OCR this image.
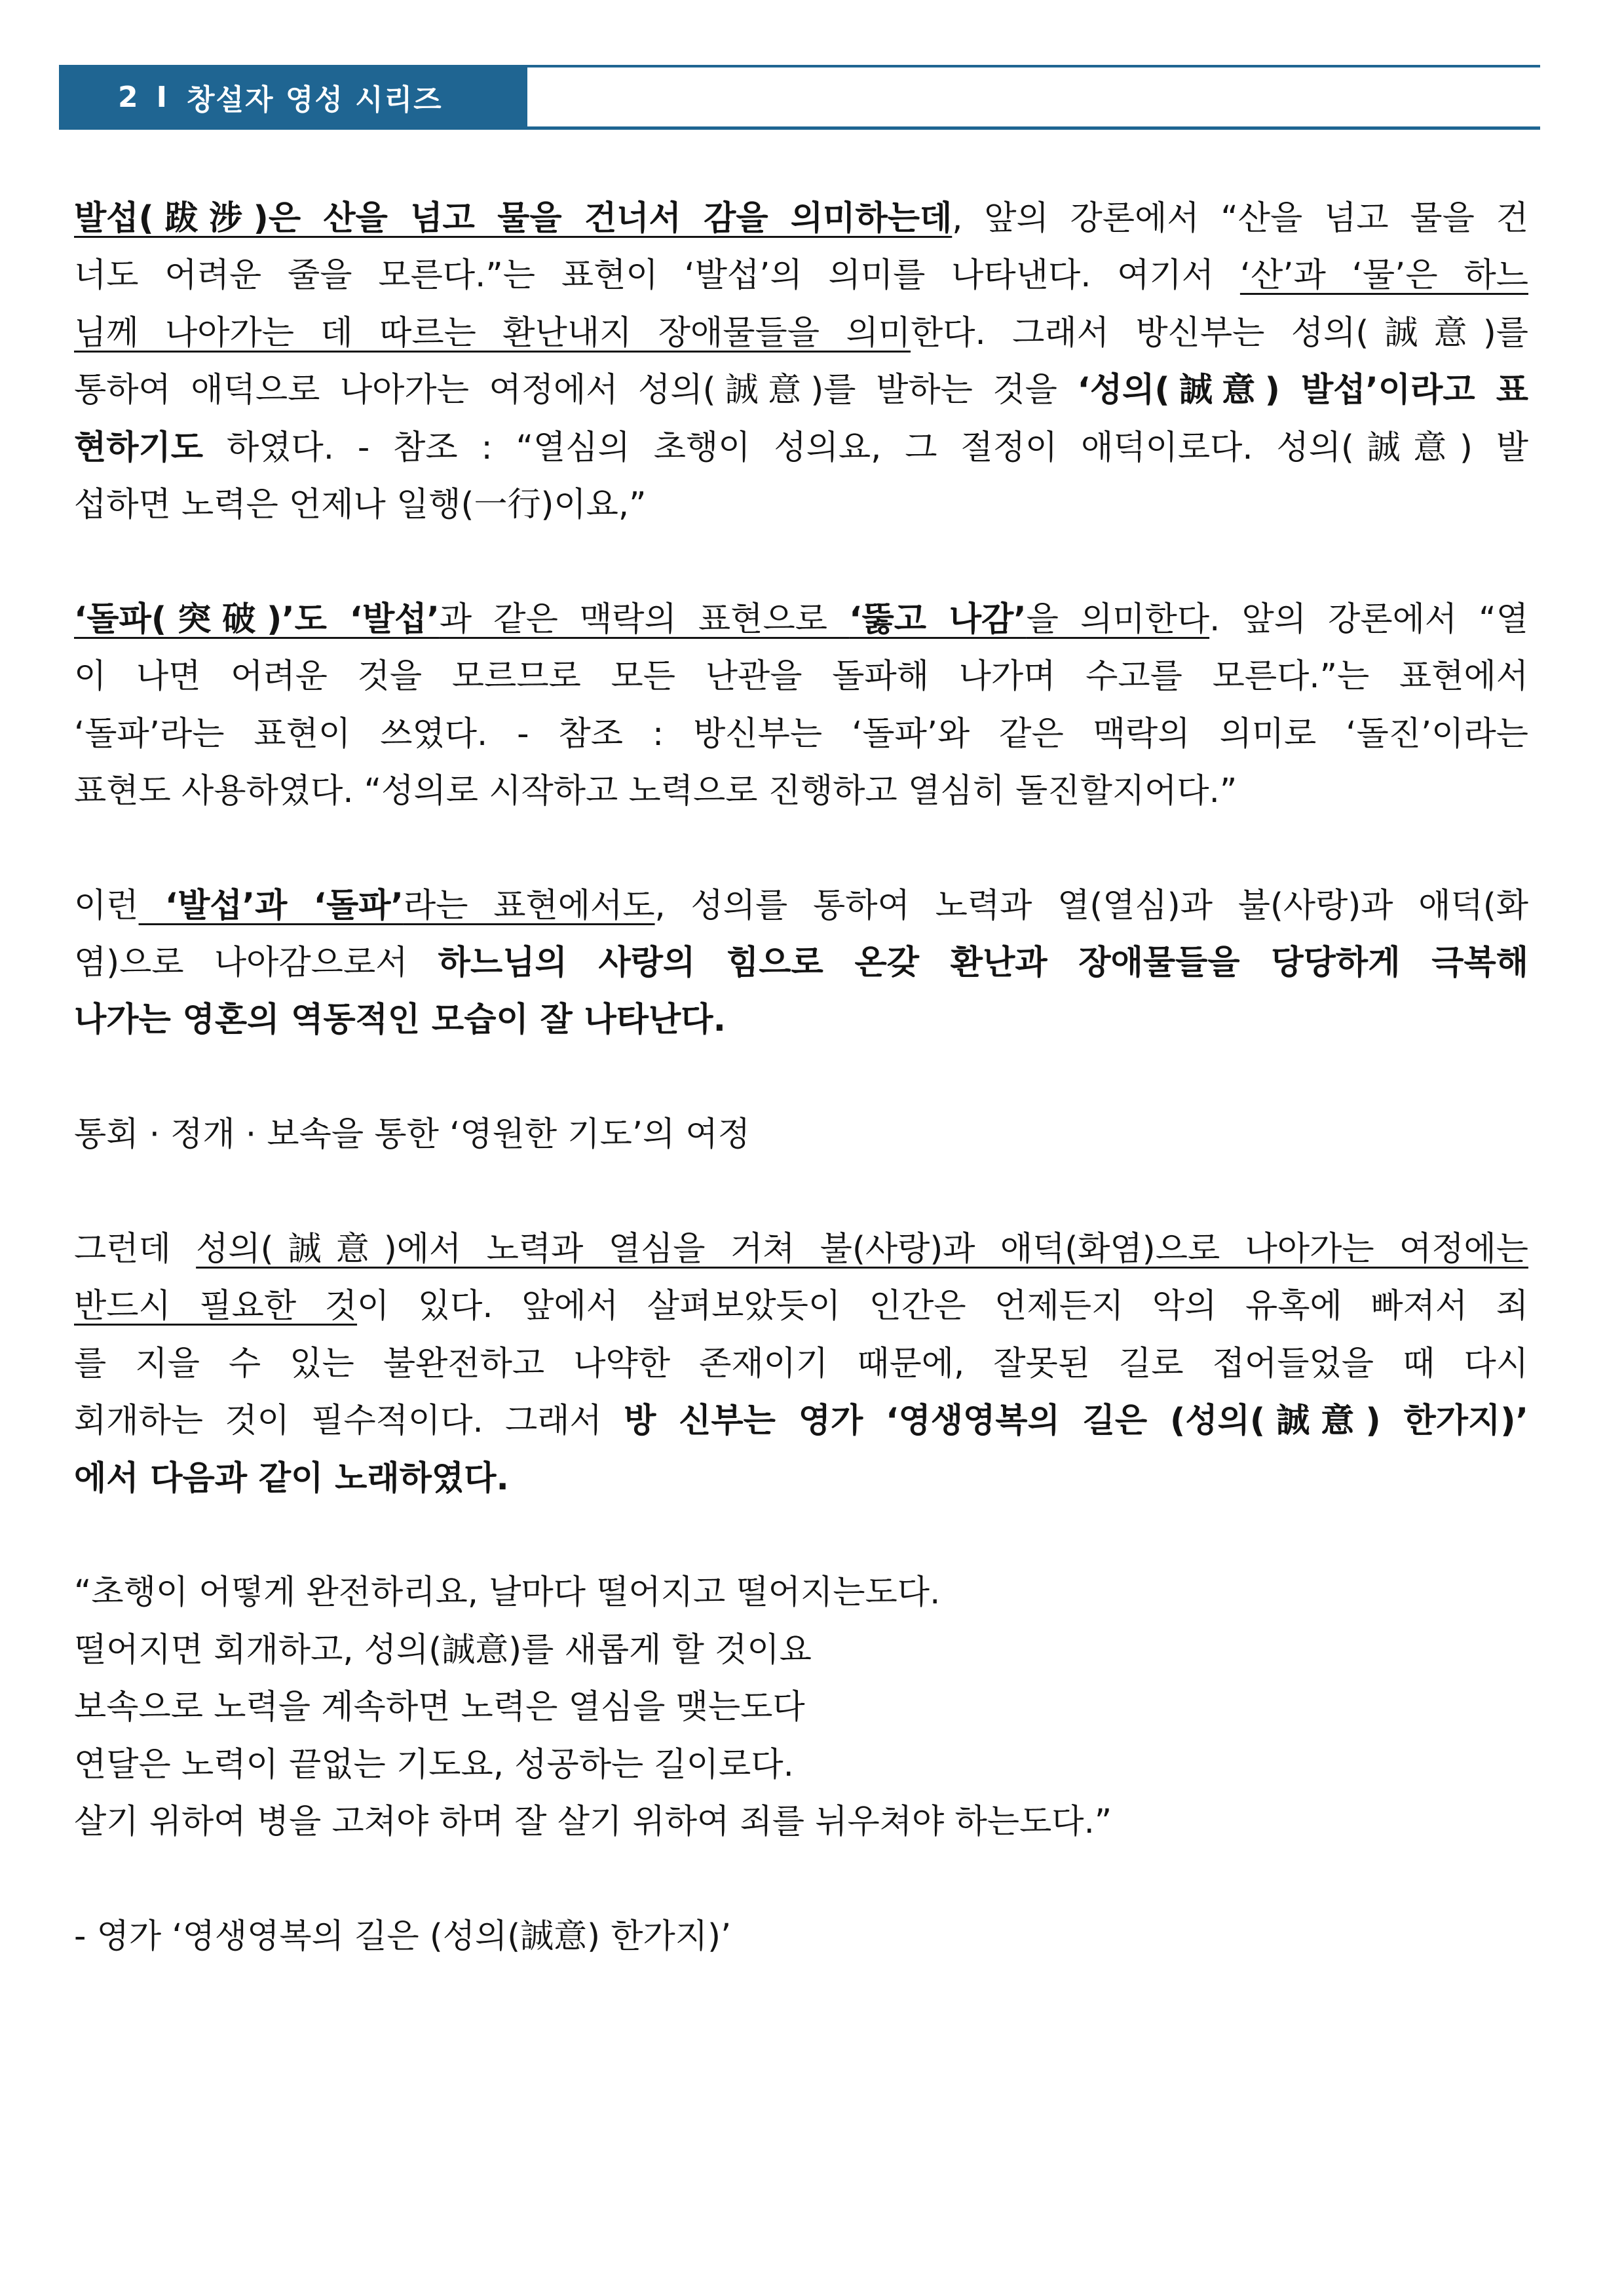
2 I 창설자 영성 시리즈
발섭(跋涉)은 산을 넘고 물을 건너서 감을 의미하는데, 앞의 강론에서 “산을 넘고 물을 건
너도 어려운 줄을 모른다.”는 표현이 ‘발섭’의 의미를 나타낸다. 여기서 ‘산’과 ‘물’은 하느
님께 나아가는 데 따르는 환난내지 장애물들을 의미한다. 그래서 방신부는 성의(誠意)를
통하여 애덕으로 나아가는 여정에서 성의(誠意)를 발하는 것을 ‘성의(誠意) 발섭’이라고 표
현하기도 하였다. - 참조 : “열심의 초행이 성의요, 그 절정이 애덕이로다. 성의(誠意) 발
섭하면 노력은 언제나 일행(一行)이요,”
‘돌파(突破)’도 ‘발섭’과 같은 맥락의 표현으로 ‘뚫고 나감’을 의미한다. 앞의 강론에서 “열
이 나면 어려운 것을 모르므로 모든 난관을 돌파해 나가며 수고를 모른다.”는 표현에서
‘돌파’라는 표현이 쓰였다. - 참조 : 방신부는 ‘돌파’와 같은 맥락의 의미로 ‘돌진’이라는
표현도 사용하였다. “성의로 시작하고 노력으로 진행하고 열심히 돌진할지어다.”
이런 ‘발섭’과 ‘돌파’라는 표현에서도, 성의를 통하여 노력과 열(열심)과 불(사랑)과 애덕(화
염)으로 나아감으로서 하느님의 사랑의 힘으로 온갖 환난과 장애물들을 당당하게 극복해
나가는 영혼의 역동적인 모습이 잘 나타난다.
통회 · 정개 · 보속을 통한 ‘영원한 기도’의 여정
그런데 성의(誠意)에서 노력과 열심을 거쳐 불(사랑)과 애덕(화염)으로 나아가는 여정에는
반드시 필요한 것이 있다. 앞에서 살펴보았듯이 인간은 언제든지 악의 유혹에 빠져서 죄
를 지을 수 있는 불완전하고 나약한 존재이기 때문에, 잘못된 길로 접어들었을 때 다시
회개하는 것이 필수적이다. 그래서 방 신부는 영가 ‘영생영복의 길은 (성의(誠意) 한가지)’
에서 다음과 같이 노래하였다.
“초행이 어떻게 완전하리요, 날마다 떨어지고 떨어지는도다.
떨어지면 회개하고, 성의(誠意)를 새롭게 할 것이요
보속으로 노력을 계속하면 노력은 열심을 맺는도다
연달은 노력이 끝없는 기도요, 성공하는 길이로다.
살기 위하여 병을 고쳐야 하며 잘 살기 위하여 죄를 뉘우쳐야 하는도다.”
- 영가 ‘영생영복의 길은 (성의(誠意) 한가지)’
